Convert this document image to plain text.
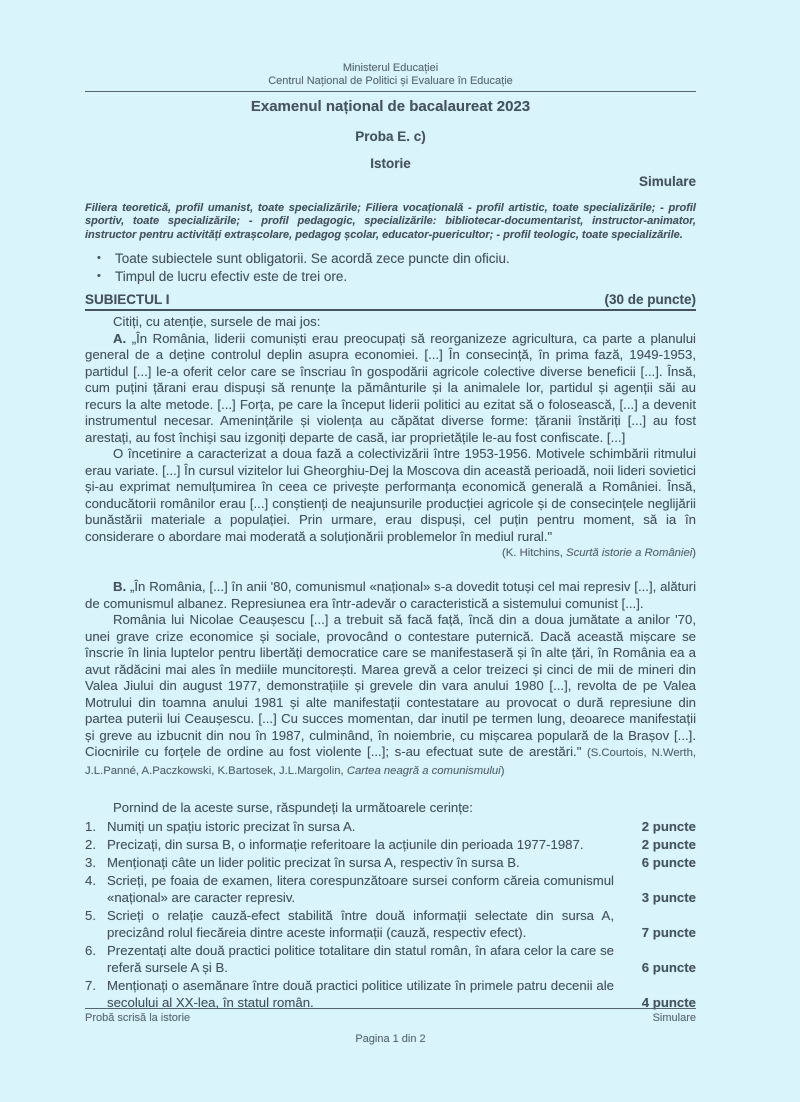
Ministerul Educației
Centrul Național de Politici și Evaluare în Educație
Examenul național de bacalaureat 2023
Proba E. c)
Istorie
Simulare
Filiera teoretică, profil umanist, toate specializările; Filiera vocațională - profil artistic, toate specializările; - profil sportiv, toate specializările; - profil pedagogic, specializările: bibliotecar-documentarist, instructor-animator, instructor pentru activități extrașcolare, pedagog școlar, educator-puericultor; - profil teologic, toate specializările.
• Toate subiectele sunt obligatorii. Se acordă zece puncte din oficiu.
• Timpul de lucru efectiv este de trei ore.
SUBIECTUL I	(30 de puncte)

Citiți, cu atenție, sursele de mai jos:

A. „În România, liderii comuniști erau preocupați să reorganizeze agricultura, ca parte a planului general de a deține controlul deplin asupra economiei. [...] În consecință, în prima fază, 1949-1953, partidul [...] le-a oferit celor care se înscriau în gospodării agricole colective diverse beneficii [...]. Însă, cum puțini țărani erau dispuși să renunțe la pământurile și la animalele lor, partidul și agenții săi au recurs la alte metode. [...] Forța, pe care la început liderii politici au ezitat să o folosească, [...] a devenit instrumentul necesar. Amenințările și violența au căpătat diverse forme: țăranii înstăriți [...] au fost arestați, au fost închiși sau izgoniți departe de casă, iar proprietățile le-au fost confiscate. [...]

O încetinire a caracterizat a doua fază a colectivizării între 1953-1956. Motivele schimbării ritmului erau variate. [...] În cursul vizitelor lui Gheorghiu-Dej la Moscova din această perioadă, noii lideri sovietici și-au exprimat nemulțumirea în ceea ce privește performanța economică generală a României. Însă, conducătorii românilor erau [...] conștienți de neajunsurile producției agricole și de consecințele neglijării bunăstării materiale a populației. Prin urmare, erau dispuși, cel puțin pentru moment, să ia în considerare o abordare mai moderată a soluționării problemelor în mediul rural."

(K. Hitchins, Scurtă istorie a României)

B. „În România, [...] în anii '80, comunismul «național» s-a dovedit totuși cel mai represiv [...], alături de comunismul albanez. Represiunea era într-adevăr o caracteristică a sistemului comunist [...].

România lui Nicolae Ceaușescu [...] a trebuit să facă față, încă din a doua jumătate a anilor '70, unei grave crize economice și sociale, provocând o contestare puternică. Dacă această mișcare se înscrie în linia luptelor pentru libertăți democratice care se manifestaseră și în alte țări, în România ea a avut rădăcini mai ales în mediile muncitorești. Marea grevă a celor treizeci și cinci de mii de mineri din Valea Jiului din august 1977, demonstrațiile și grevele din vara anului 1980 [...], revolta de pe Valea Motrului din toamna anului 1981 și alte manifestații contestatare au provocat o dură represiune din partea puterii lui Ceaușescu. [...] Cu succes momentan, dar inutil pe termen lung, deoarece manifestații și greve au izbucnit din nou în 1987, culminând, în noiembrie, cu mișcarea populară de la Brașov [...]. Ciocnirile cu forțele de ordine au fost violente [...]; s-au efectuat sute de arestări." (S.Courtois, N.Werth, J.L.Panné, A.Paczkowski, K.Bartosek, J.L.Margolin, Cartea neagră a comunismului)

Pornind de la aceste surse, răspundeți la următoarele cerințe:

1. Numiți un spațiu istoric precizat în sursa A.	2 puncte
2. Precizați, din sursa B, o informație referitoare la acțiunile din perioada 1977-1987.	2 puncte
3. Menționați câte un lider politic precizat în sursa A, respectiv în sursa B.	6 puncte
4. Scrieți, pe foaia de examen, litera corespunzătoare sursei conform căreia comunismul «național» are caracter represiv.	3 puncte
5. Scrieți o relație cauză-efect stabilită între două informații selectate din sursa A, precizând rolul fiecăreia dintre aceste informații (cauză, respectiv efect).	7 puncte
6. Prezentați alte două practici politice totalitare din statul român, în afara celor la care se referă sursele A și B.	6 puncte
7. Menționați o asemănare între două practici politice utilizate în primele patru decenii ale secolului al XX-lea, în statul român.	4 puncte
Probă scrisă la istorie	Simulare
Pagina 1 din 2
